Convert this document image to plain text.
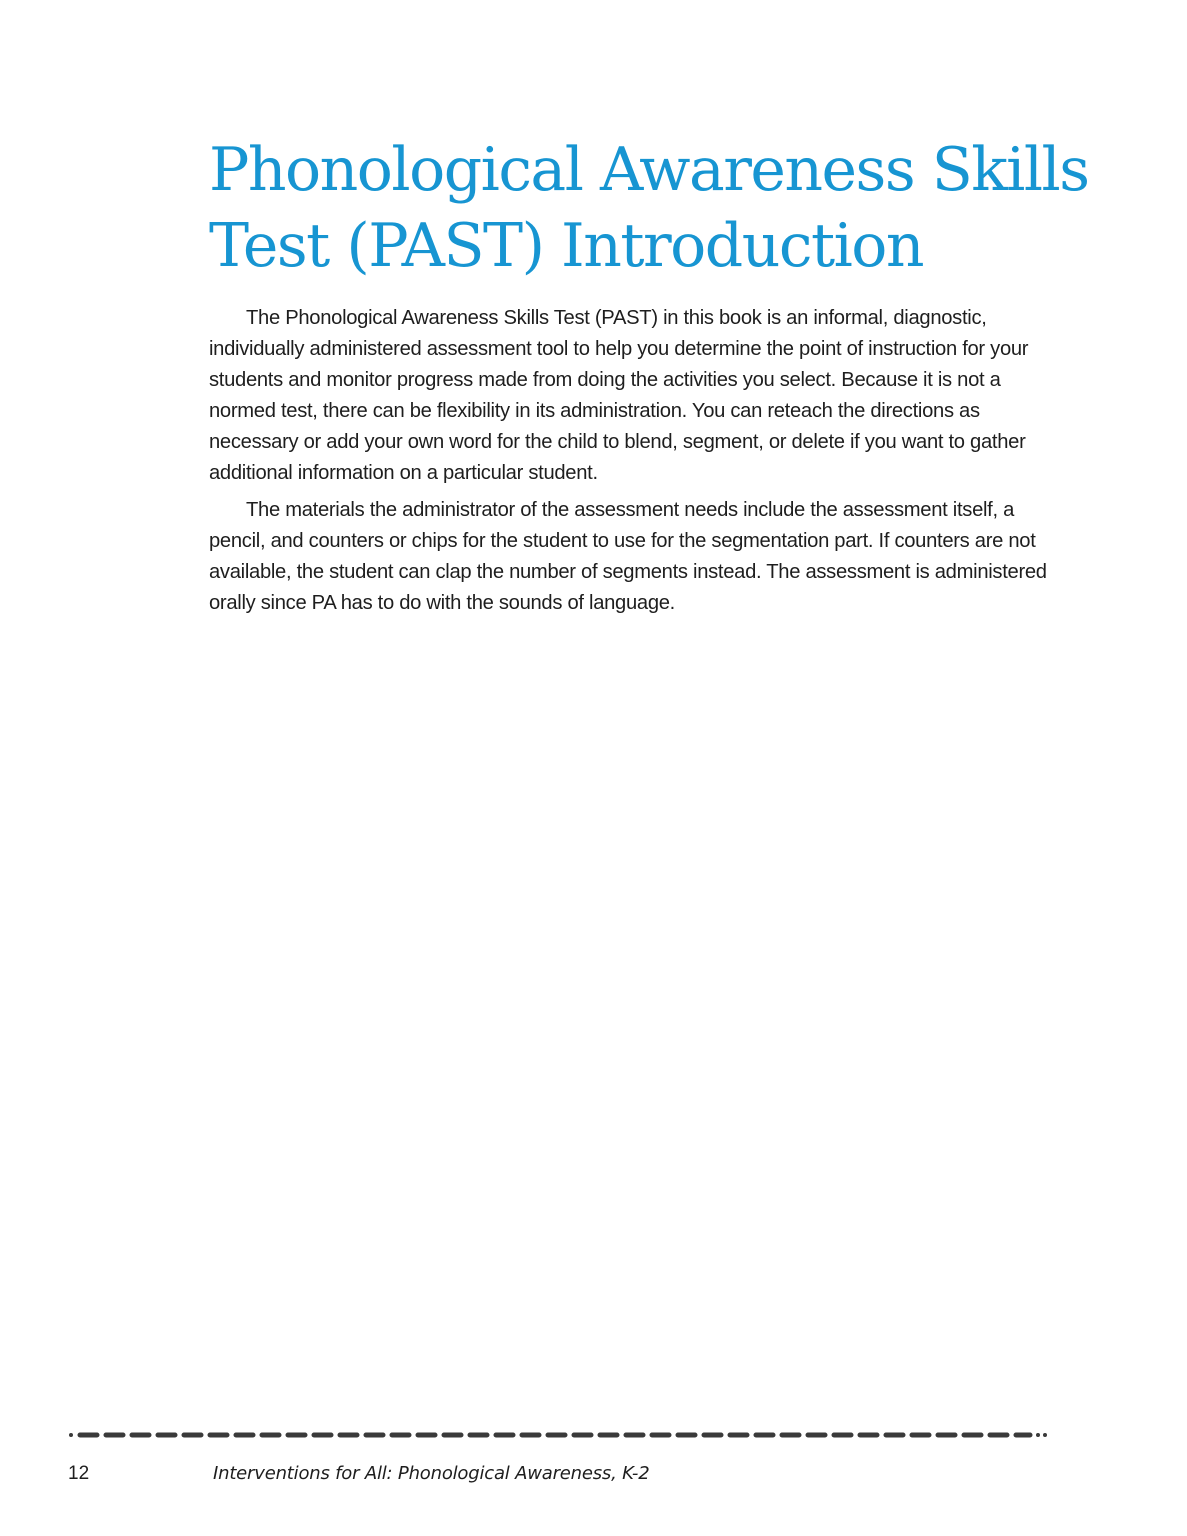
Phonological Awareness Skills
Test (PAST) Introduction

The Phonological Awareness Skills Test (PAST) in this book is an informal, diagnostic, individually administered assessment tool to help you determine the point of instruction for your students and monitor progress made from doing the activities you select. Because it is not a normed test, there can be flexibility in its administration. You can reteach the directions as necessary or add your own word for the child to blend, segment, or delete if you want to gather additional information on a particular student.

The materials the administrator of the assessment needs include the assessment itself, a pencil, and counters or chips for the student to use for the segmentation part. If counters are not available, the student can clap the number of segments instead. The assessment is administered orally since PA has to do with the sounds of language.

12	Interventions for All: Phonological Awareness, K-2
